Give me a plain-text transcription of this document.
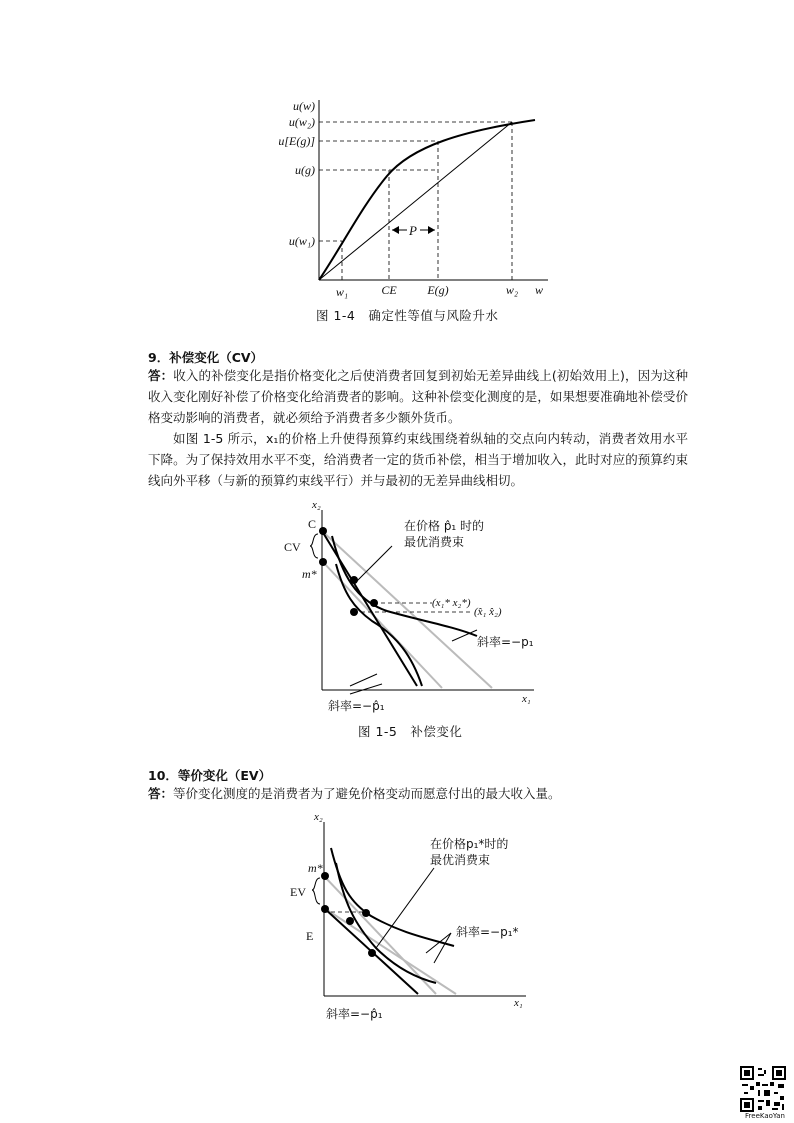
P
u(w)
u(w₂)
u[E(g)]
u(g)
u(w₁)
w₁	CE	E(g)	w₂ w
图 1-4　确定性等值与风险升水
9．补偿变化（CV）
答：收入的补偿变化是指价格变化之后使消费者回复到初始无差异曲线上(初始效用上)，因为这种收入变化刚好补偿了价格变化给消费者的影响。这种补偿变化测度的是，如果想要准确地补偿受价格变动影响的消费者，就必须给予消费者多少额外货币。
如图 1-5 所示，x₁的价格上升使得预算约束线围绕着纵轴的交点向内转动，消费者效用水平下降。为了保持效用水平不变，给消费者一定的货币补偿，相当于增加收入，此时对应的预算约束线向外平移（与新的预算约束线平行）并与最初的无差异曲线相切。
x₂
x₁
C
CV
m*
在价格 p̂₁ 时的
最优消费束
(x₁* x₂*)
(x̂₁ x̂₂)
斜率=−p₁
斜率=−p̂₁
图 1-5　补偿变化
10．等价变化（EV）
答：等价变化测度的是消费者为了避免价格变动而愿意付出的最大收入量。
x₂
x₁
m*
EV
E
在价格p₁*时的
最优消费束
斜率=−p₁*
斜率=−p̂₁
FreeKaoYan
